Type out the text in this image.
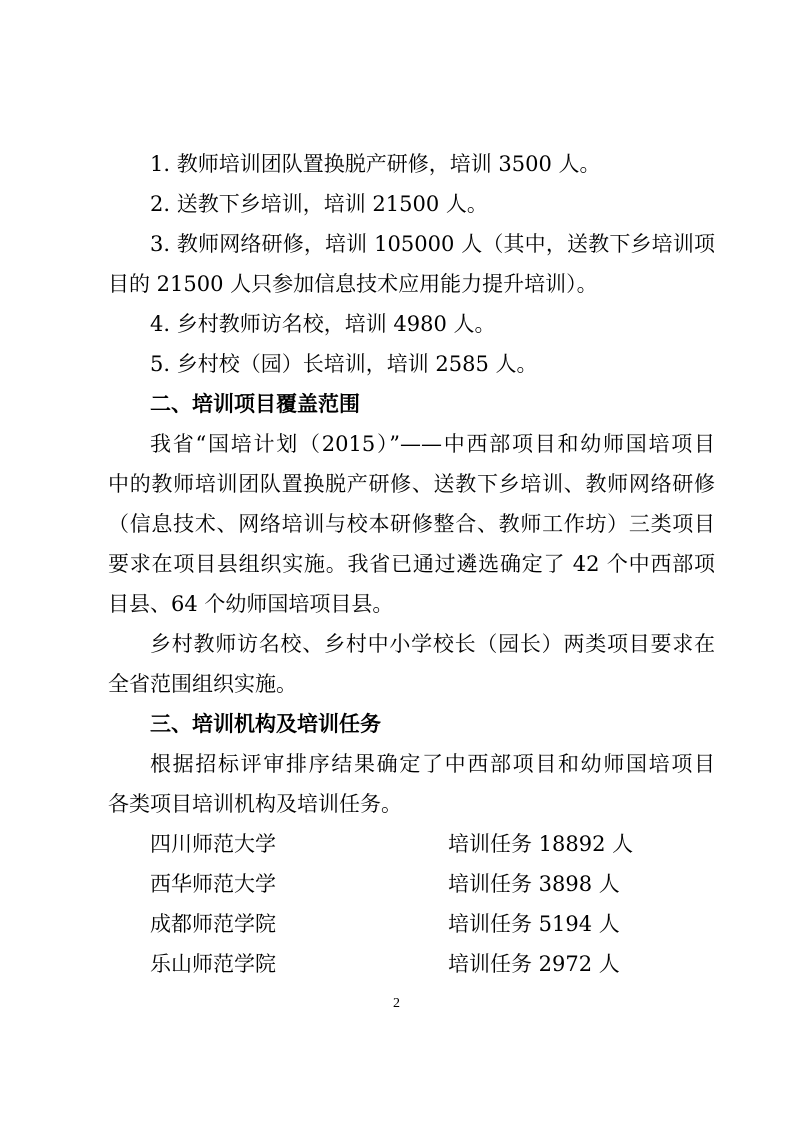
1. 教师培训团队置换脱产研修，培训 3500 人。
2. 送教下乡培训，培训 21500 人。
3. 教师网络研修，培训 105000 人（其中，送教下乡培训项
目的 21500 人只参加信息技术应用能力提升培训）。
4. 乡村教师访名校，培训 4980 人。
5. 乡村校（园）长培训，培训 2585 人。
二、培训项目覆盖范围
我省“国培计划（2015）”——中西部项目和幼师国培项目
中的教师培训团队置换脱产研修、送教下乡培训、教师网络研修
（信息技术、网络培训与校本研修整合、教师工作坊）三类项目
要求在项目县组织实施。我省已通过遴选确定了 42 个中西部项
目县、64 个幼师国培项目县。
乡村教师访名校、乡村中小学校长（园长）两类项目要求在
全省范围组织实施。
三、培训机构及培训任务
根据招标评审排序结果确定了中西部项目和幼师国培项目
各类项目培训机构及培训任务。
四川师范大学	培训任务 18892 人
西华师范大学	培训任务 3898 人
成都师范学院	培训任务 5194 人
乐山师范学院	培训任务 2972 人
2
